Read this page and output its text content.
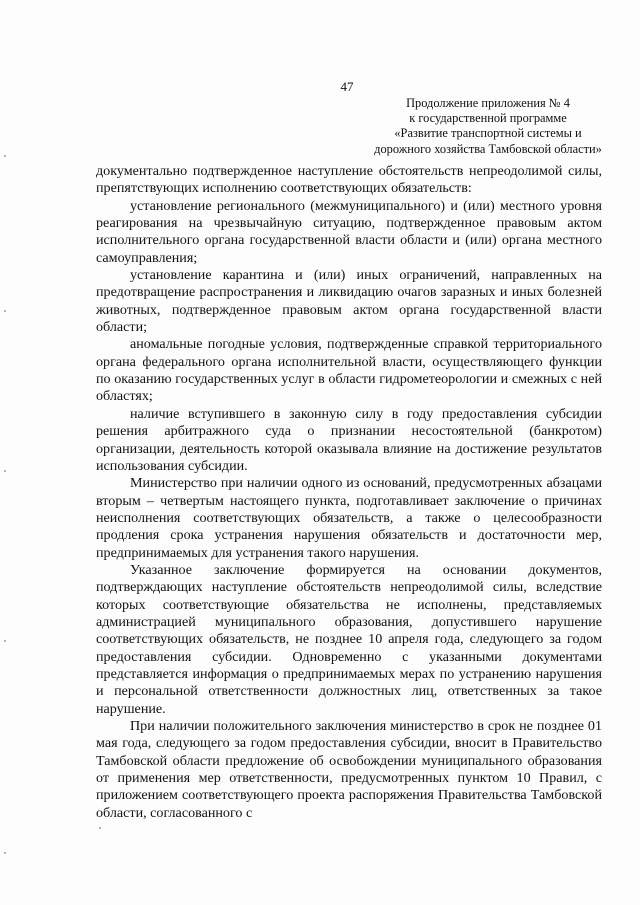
47

Продолжение приложения № 4
к государственной программе
«Развитие транспортной системы и
дорожного хозяйства Тамбовской области»

документально подтвержденное наступление обстоятельств непреодолимой силы, препятствующих исполнению соответствующих обязательств:

установление регионального (межмуниципального) и (или) местного уровня реагирования на чрезвычайную ситуацию, подтвержденное правовым актом исполнительного органа государственной власти области и (или) органа местного самоуправления;

установление карантина и (или) иных ограничений, направленных на предотвращение распространения и ликвидацию очагов заразных и иных болезней животных, подтвержденное правовым актом органа государственной власти области;

аномальные погодные условия, подтвержденные справкой территориального органа федерального органа исполнительной власти, осуществляющего функции по оказанию государственных услуг в области гидрометеорологии и смежных с ней областях;

наличие вступившего в законную силу в году предоставления субсидии решения арбитражного суда о признании несостоятельной (банкротом) организации, деятельность которой оказывала влияние на достижение результатов использования субсидии.

Министерство при наличии одного из оснований, предусмотренных абзацами вторым – четвертым настоящего пункта, подготавливает заключение о причинах неисполнения соответствующих обязательств, а также о целесообразности продления срока устранения нарушения обязательств и достаточности мер, предпринимаемых для устранения такого нарушения.

Указанное заключение формируется на основании документов, подтверждающих наступление обстоятельств непреодолимой силы, вследствие которых соответствующие обязательства не исполнены, представляемых администрацией муниципального образования, допустившего нарушение соответствующих обязательств, не позднее 10 апреля года, следующего за годом предоставления субсидии. Одновременно с указанными документами представляется информация о предпринимаемых мерах по устранению нарушения и персональной ответственности должностных лиц, ответственных за такое нарушение.

При наличии положительного заключения министерство в срок не позднее 01 мая года, следующего за годом предоставления субсидии, вносит в Правительство Тамбовской области предложение об освобождении муниципального образования от применения мер ответственности, предусмотренных пунктом 10 Правил, с приложением соответствующего проекта распоряжения Правительства Тамбовской области, согласованного с
